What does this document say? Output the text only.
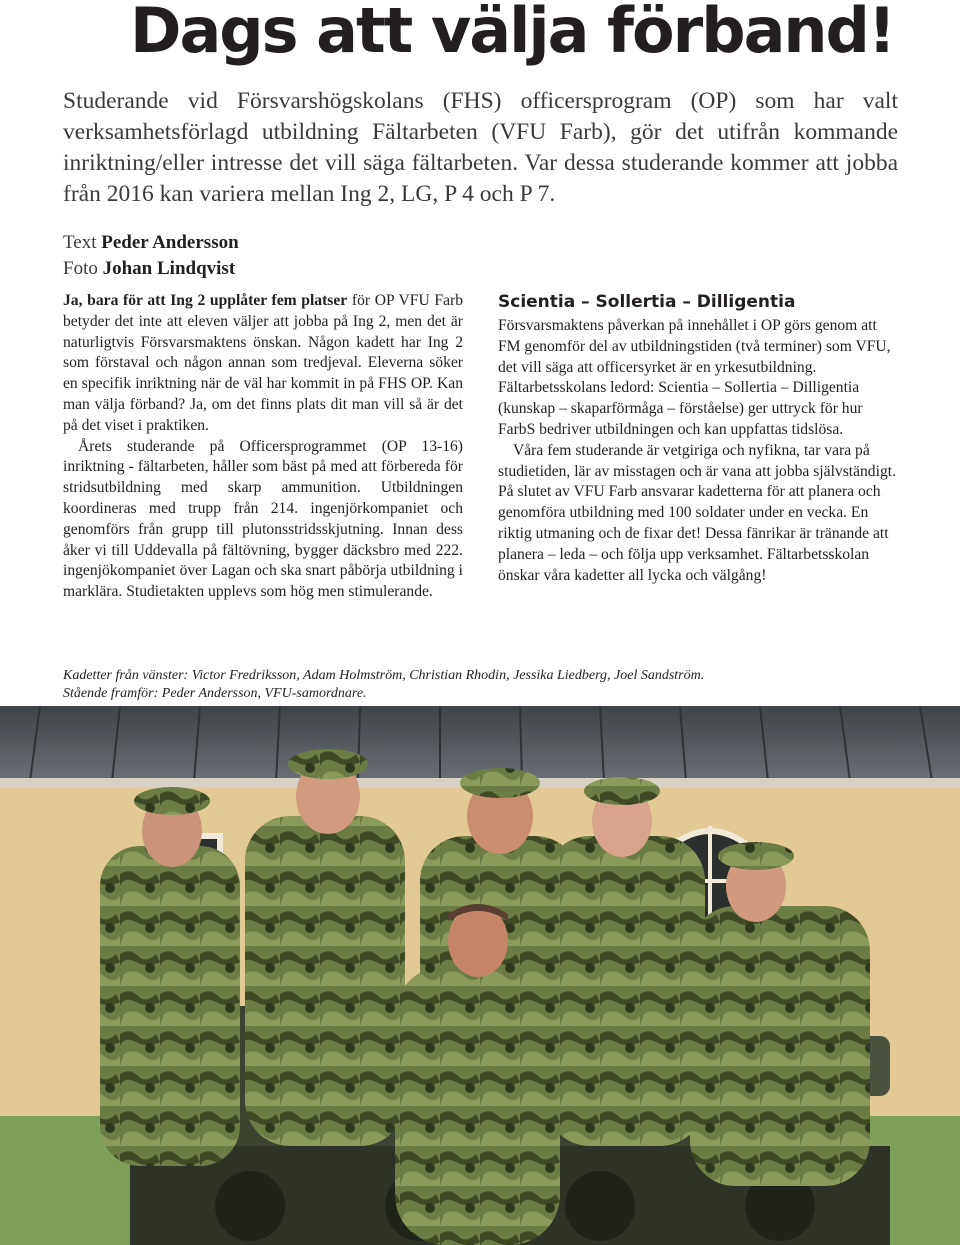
Dags att välja förband!

Studerande vid Försvarshögskolans (FHS) officersprogram (OP) som har valt verksamhetsförlagd utbildning Fältarbeten (VFU Farb), gör det utifrån kommande inriktning/eller intresse det vill säga fältarbeten. Var dessa studerande kommer att jobba från 2016 kan variera mellan Ing 2, LG, P 4 och P 7.

Text Peder Andersson
Foto Johan Lindqvist

Ja, bara för att Ing 2 upplåter fem platser för OP VFU Farb betyder det inte att eleven väljer att jobba på Ing 2, men det är naturligtvis Försvarsmaktens önskan. Någon kadett har Ing 2 som förstaval och någon annan som tredjeval. Eleverna söker en specifik inriktning när de väl har kommit in på FHS OP. Kan man välja förband? Ja, om det finns plats dit man vill så är det på det viset i praktiken.

Årets studerande på Officersprogrammet (OP 13-16) inriktning - fältarbeten, håller som bäst på med att förbereda för stridsutbildning med skarp ammunition. Utbildningen koordineras med trupp från 214. ingenjörkompaniet och genomförs från grupp till plutonsstridsskjutning. Innan dess åker vi till Uddevalla på fältövning, bygger däcksbro med 222. ingenjökompaniet över Lagan och ska snart påbörja utbildning i marklära. Studietakten upplevs som hög men stimulerande.

Scientia – Sollertia – Dilligentia

Försvarsmaktens påverkan på innehållet i OP görs genom att FM genomför del av utbildningstiden (två terminer) som VFU, det vill säga att officersyrket är en yrkesutbildning. Fältarbetsskolans ledord: Scientia – Sollertia – Dilligentia (kunskap – skaparförmåga – förståelse) ger uttryck för hur FarbS bedriver utbildningen och kan uppfattas tidslösa.

Våra fem studerande är vetgiriga och nyfikna, tar vara på studietiden, lär av misstagen och är vana att jobba självständigt. På slutet av VFU Farb ansvarar kadetterna för att planera och genomföra utbildning med 100 soldater under en vecka. En riktig utmaning och de fixar det! Dessa fänrikar är tränande att planera – leda – och följa upp verksamhet. Fältarbetsskolan önskar våra kadetter all lycka och välgång!

Kadetter från vänster: Victor Fredriksson, Adam Holmström, Christian Rhodin, Jessika Liedberg, Joel Sandström.
Stående framför: Peder Andersson, VFU-samordnare.
